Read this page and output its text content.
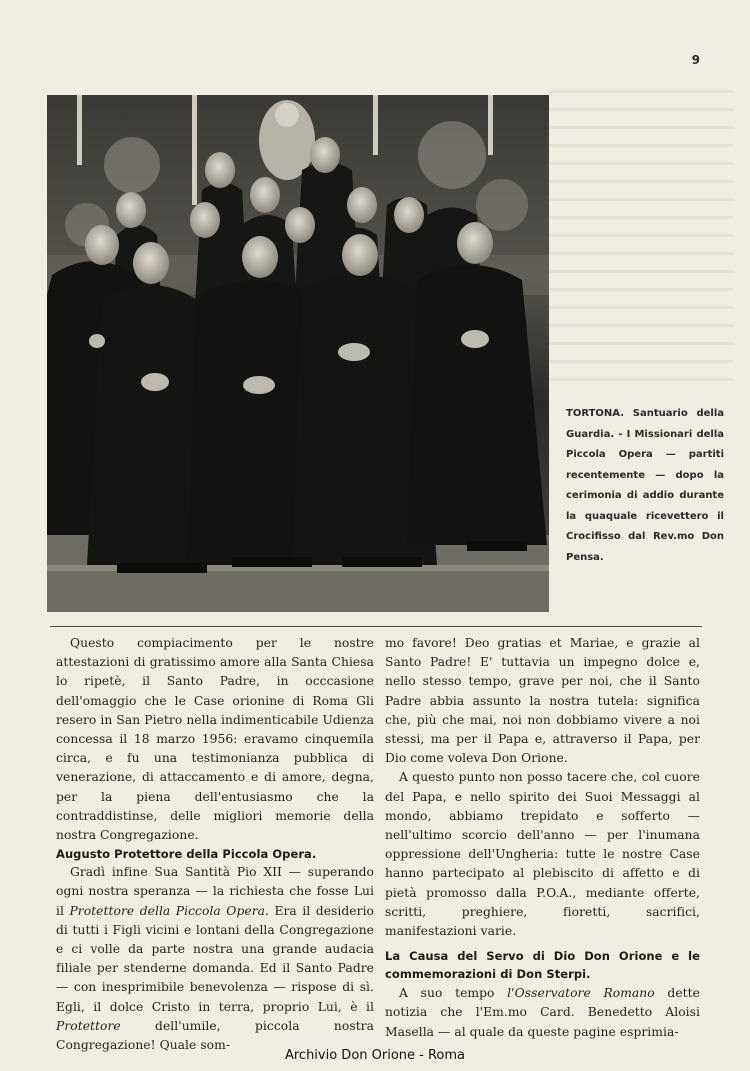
9
TORTONA. Santuario della Guardia. - I Missionari della Piccola Opera — partiti recentemente — dopo la cerimonia di addio durante la quaquale ricevettero il Crocifisso dal Rev.mo Don Pensa.

Questo compiacimento per le nostre attestazioni di gratissimo amore alla Santa Chiesa lo ripetè, il Santo Padre, in occcasione dell'omaggio che le Case orionine di Roma Gli resero in San Pietro nella indimenticabile Udienza concessa il 18 marzo 1956: eravamo cinquemila circa, e fu una testimonianza pubblica di venerazione, di attaccamento e di amore, degna, per la piena dell'entusiasmo che la contraddistinse, delle migliori memorie della nostra Congregazione.

Augusto Protettore della Piccola Opera.

Gradì infine Sua Santità Pio XII — superando ogni nostra speranza — la richiesta che fosse Lui il Protettore della Piccola Opera. Era il desiderio di tutti i Figli vicini e lontani della Congregazione e ci volle da parte nostra una grande audacia filiale per stenderne domanda. Ed il Santo Padre — con inesprimibile benevolenza — rispose di sì. Egli, il dolce Cristo in terra, proprio Lui, è il Protettore dell'umile, piccola nostra Congregazione! Quale som-

mo favore! Deo gratias et Mariae, e grazie al Santo Padre! E' tuttavia un impegno dolce e, nello stesso tempo, grave per noi, che il Santo Padre abbia assunto la nostra tutela: significa che, più che mai, noi non dobbiamo vivere a noi stessi, ma per il Papa e, attraverso il Papa, per Dio come voleva Don Orione.

A questo punto non posso tacere che, col cuore del Papa, e nello spirito dei Suoi Messaggi al mondo, abbiamo trepidato e sofferto — nell'ultimo scorcio dell'anno — per l'inumana oppressione dell'Ungheria: tutte le nostre Case hanno partecipato al plebiscito di affetto e di pietà promosso dalla P.O.A., mediante offerte, scritti, preghiere, fioretti, sacrifici, manifestazioni varie.

La Causa del Servo di Dio Don Orione e le commemorazioni di Don Sterpi.

A suo tempo l'Osservatore Romano dette notizia che l'Em.mo Card. Benedetto Aloisi Masella — al quale da queste pagine esprimia-

Archivio Don Orione - Roma
